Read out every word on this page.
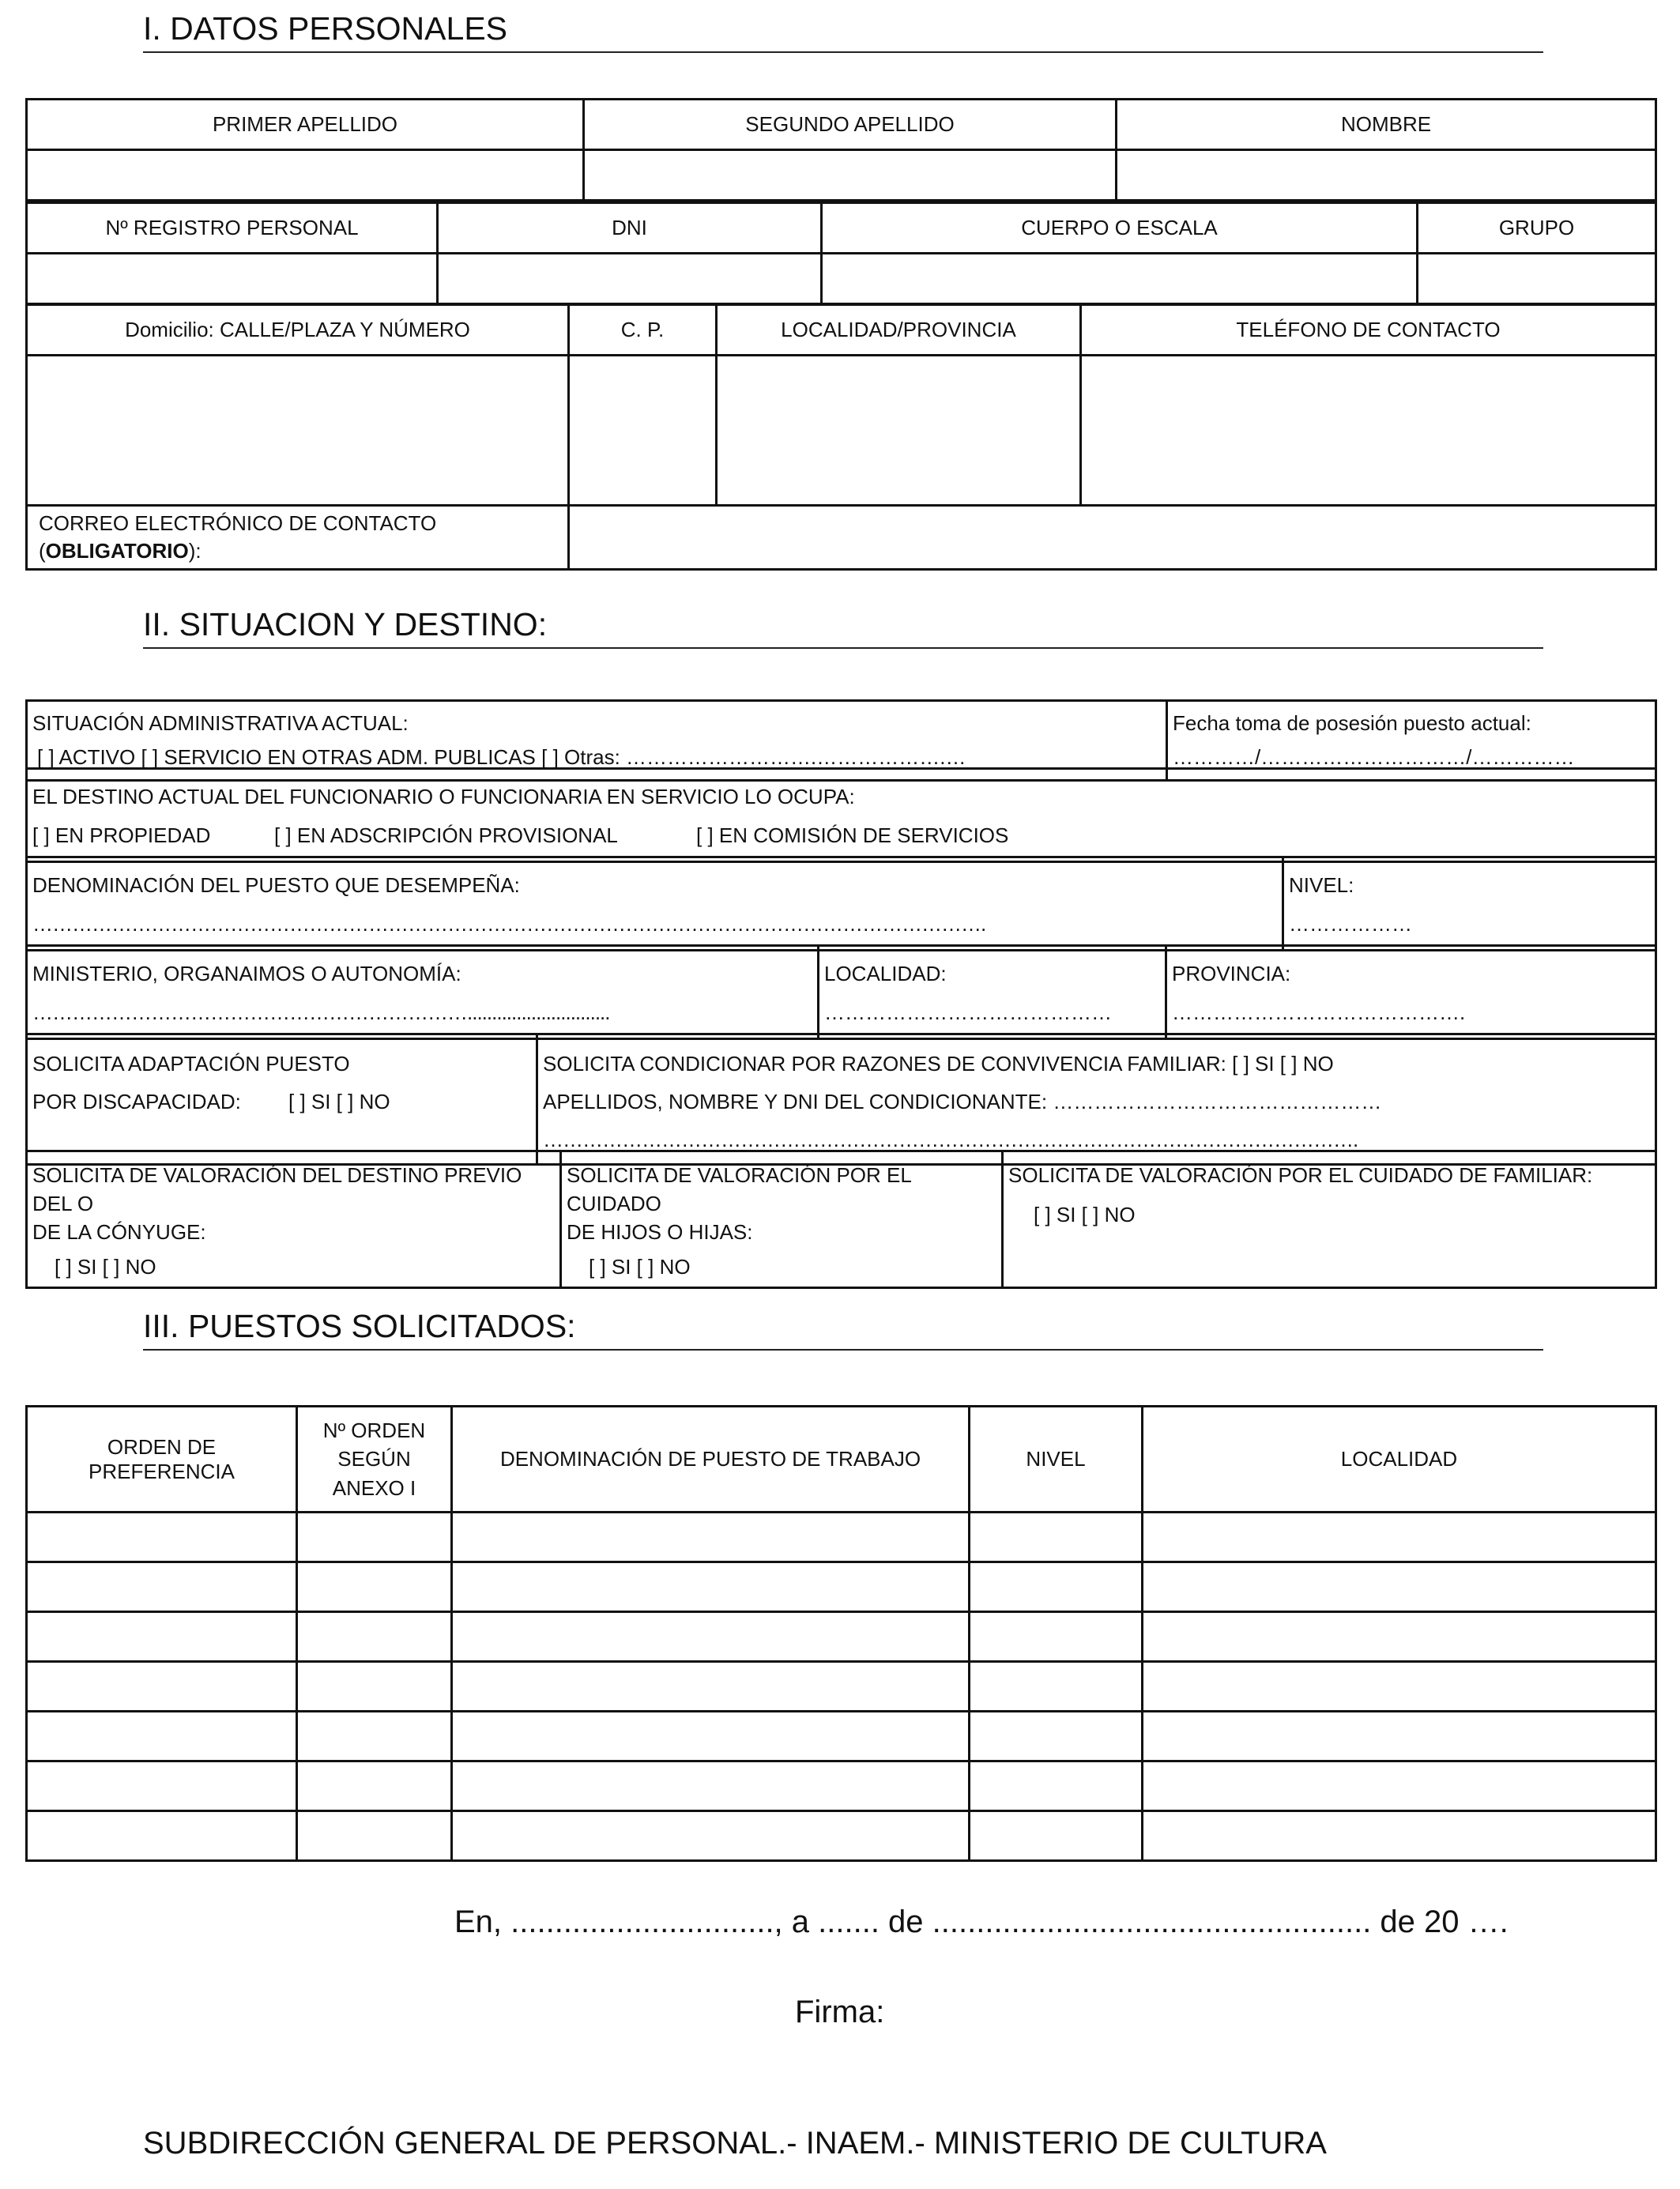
I. DATOS PERSONALES
PRIMER APELLIDO	SEGUNDO APELLIDO	NOMBRE

Nº REGISTRO PERSONAL	DNI	CUERPO O ESCALA	GRUPO

Domicilio: CALLE/PLAZA Y NÚMERO	C. P.	LOCALIDAD/PROVINCIA	TELÉFONO DE CONTACTO

CORREO ELECTRÓNICO DE CONTACTO
(OBLIGATORIO):			

II. SITUACION Y DESTINO:
SITUACIÓN ADMINISTRATIVA ACTUAL:
[ ] ACTIVO [ ] SERVICIO EN OTRAS ADM. PUBLICAS [ ] Otras: ……………………….……………….…

Fecha toma de posesión puesto actual:
…………/…………………………/……………
EL DESTINO ACTUAL DEL FUNCIONARIO O FUNCIONARIA EN SERVICIO LO OCUPA:
[ ] EN PROPIEDAD	[ ] EN ADSCRIPCIÓN PROVISIONAL	[ ] EN COMISIÓN DE SERVICIOS
DENOMINACIÓN DEL PUESTO QUE DESEMPEÑA:
……………………………………………………………………………………………………………………………….

NIVEL:
………………
MINISTERIO, ORGANAIMOS O AUTONOMÍA:
………………………………………………………….............................

LOCALIDAD:
……………………………………

PROVINCIA:
…………………………………….
SOLICITA ADAPTACIÓN PUESTO
POR DISCAPACIDAD: [ ] SI [ ] NO

SOLICITA CONDICIONAR POR RAZONES DE CONVIVENCIA FAMILIAR: [ ] SI [ ] NO
APELLIDOS, NOMBRE Y DNI DEL CONDICIONANTE: …………………………………………
…………………………………………………………………………………………………………….
SOLICITA DE VALORACIÓN DEL DESTINO PREVIO DEL O
DE LA CÓNYUGE:
[ ] SI [ ] NO

SOLICITA DE VALORACIÓN POR EL CUIDADO
DE HIJOS O HIJAS:
[ ] SI [ ] NO

SOLICITA DE VALORACIÓN POR EL CUIDADO DE FAMILIAR:
[ ] SI [ ] NO
III. PUESTOS SOLICITADOS:
ORDEN DE PREFERENCIA	Nº ORDEN
SEGÚN
ANEXO I	DENOMINACIÓN DE PUESTO DE TRABAJO	NIVEL	LOCALIDAD

En, .............................., a ....... de .................................................. de 20 ….
Firma:
SUBDIRECCIÓN GENERAL DE PERSONAL.- INAEM.- MINISTERIO DE CULTURA
